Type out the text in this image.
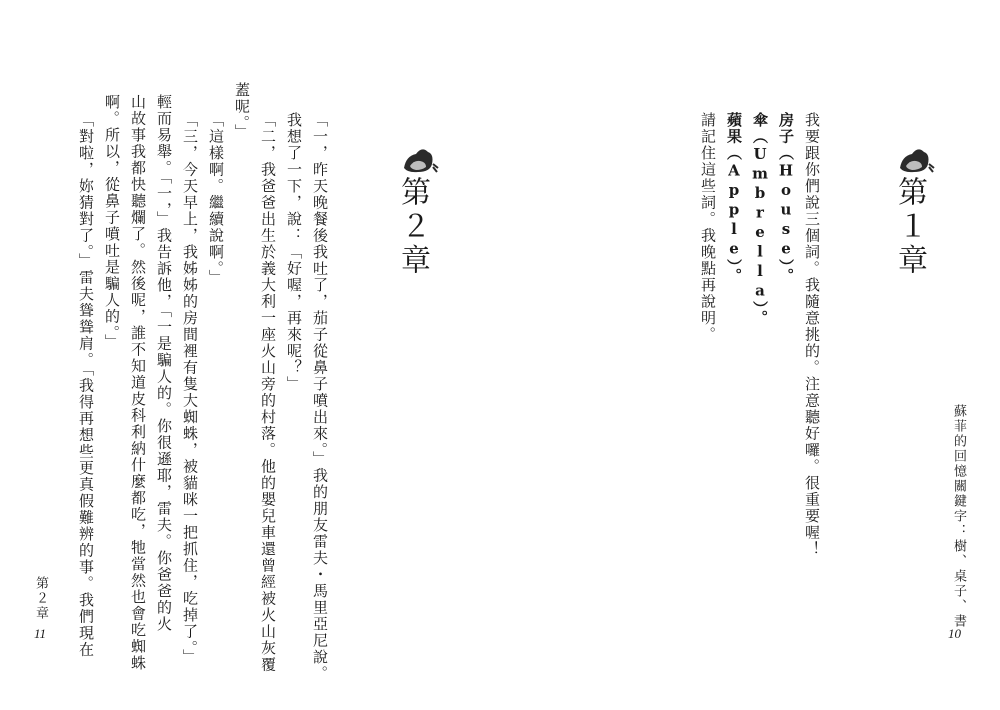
「一，昨天晚餐後我吐了，茄子從鼻子噴出來。」我的朋友雷夫・馬里亞尼說。
我想了一下，說：「好喔，再來呢？」
「二，我爸爸出生於義大利一座火山旁的村落。他的嬰兒車還曾經被火山灰覆
蓋呢。」
「這樣啊。繼續說啊。」
「三，今天早上，我姊姊的房間裡有隻大蜘蛛，被貓咪一把抓住，吃掉了。」
輕而易舉。「一，」我告訴他，「一是騙人的。你很遜耶，雷夫。你爸爸的火
山故事我都快聽爛了。然後呢，誰不知道皮科利納什麼都吃，牠當然也會吃蜘蛛
啊。所以，從鼻子噴吐是騙人的。」
「對啦，妳猜對了。」雷夫聳聳肩。「我得再想些更真假難辨的事。我們現在	第２章
第２章
11
第１章
我要跟你們說三個詞。我隨意挑的。注意聽好囉。很重要喔！
房子（House）。
傘（Umbrella）。
蘋果（Apple）。
請記住這些詞。我晚點再說明。
蘇菲的回憶關鍵字：樹、桌子、書
10
